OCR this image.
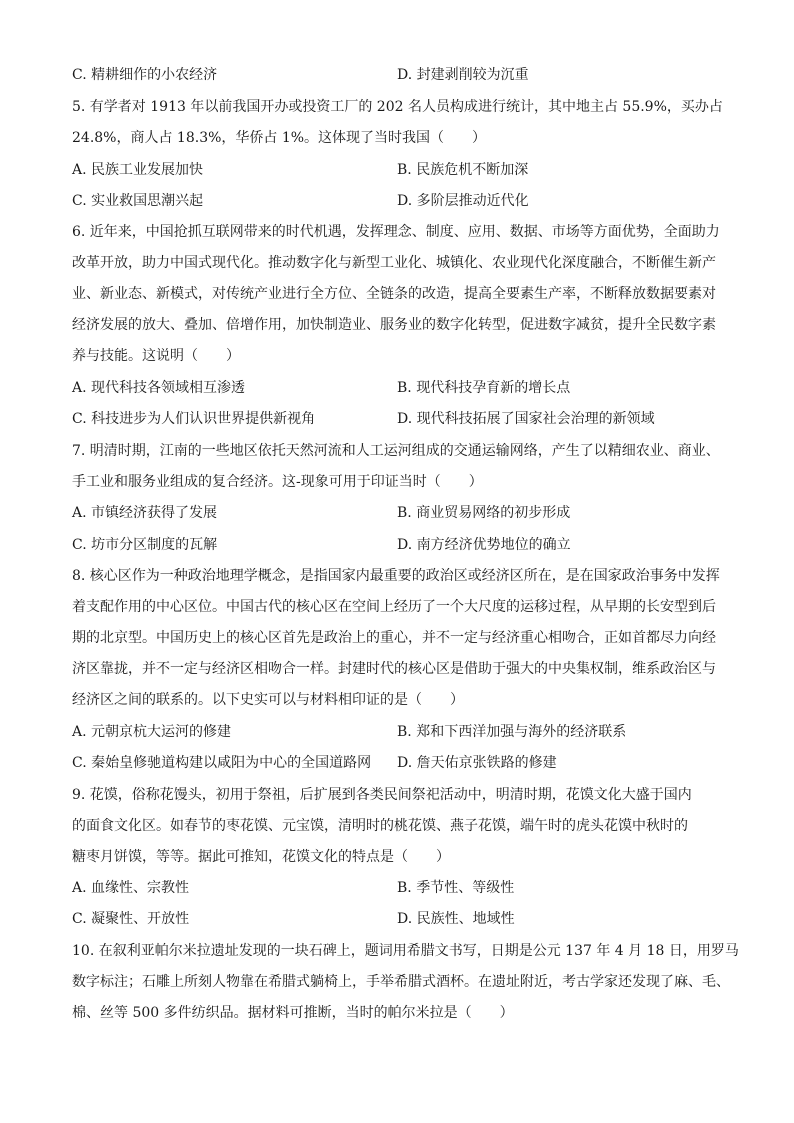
C. 精耕细作的小农经济	D. 封建剥削较为沉重
5. 有学者对 1913 年以前我国开办或投资工厂的 202 名人员构成进行统计，其中地主占 55.9%，买办占
24.8%，商人占 18.3%，华侨占 1%。这体现了当时我国（　　）
A. 民族工业发展加快	B. 民族危机不断加深
C. 实业救国思潮兴起	D. 多阶层推动近代化
6. 近年来，中国抢抓互联网带来的时代机遇，发挥理念、制度、应用、数据、市场等方面优势，全面助力
改革开放，助力中国式现代化。推动数字化与新型工业化、城镇化、农业现代化深度融合，不断催生新产
业、新业态、新模式，对传统产业进行全方位、全链条的改造，提高全要素生产率，不断释放数据要素对
经济发展的放大、叠加、倍增作用，加快制造业、服务业的数字化转型，促进数字减贫，提升全民数字素
养与技能。这说明（　　）
A. 现代科技各领域相互渗透	B. 现代科技孕育新的增长点
C. 科技进步为人们认识世界提供新视角	D. 现代科技拓展了国家社会治理的新领域
7. 明清时期，江南的一些地区依托天然河流和人工运河组成的交通运输网络，产生了以精细农业、商业、
手工业和服务业组成的复合经济。这-现象可用于印证当时（　　）
A. 市镇经济获得了发展	B. 商业贸易网络的初步形成
C. 坊市分区制度的瓦解	D. 南方经济优势地位的确立
8. 核心区作为一种政治地理学概念，是指国家内最重要的政治区或经济区所在，是在国家政治事务中发挥
着支配作用的中心区位。中国古代的核心区在空间上经历了一个大尺度的运移过程，从早期的长安型到后
期的北京型。中国历史上的核心区首先是政治上的重心，并不一定与经济重心相吻合，正如首都尽力向经
济区靠拢，并不一定与经济区相吻合一样。封建时代的核心区是借助于强大的中央集权制，维系政治区与
经济区之间的联系的。以下史实可以与材料相印证的是（　　）
A. 元朝京杭大运河的修建	B. 郑和下西洋加强与海外的经济联系
C. 秦始皇修驰道构建以咸阳为中心的全国道路网 D. 詹天佑京张铁路的修建
9. 花馍，俗称花馒头，初用于祭祖，后扩展到各类民间祭祀活动中，明清时期，花馍文化大盛于国内
的面食文化区。如春节的枣花馍、元宝馍，清明时的桃花馍、燕子花馍，端午时的虎头花馍中秋时的
糖枣月饼馍，等等。据此可推知，花馍文化的特点是（　　）
A. 血缘性、宗教性	B. 季节性、等级性
C. 凝聚性、开放性	D. 民族性、地域性
10. 在叙利亚帕尔米拉遗址发现的一块石碑上，题词用希腊文书写，日期是公元 137 年 4 月 18 日，用罗马
数字标注；石雕上所刻人物靠在希腊式躺椅上，手举希腊式酒杯。在遗址附近，考古学家还发现了麻、毛、
棉、丝等 500 多件纺织品。据材料可推断，当时的帕尔米拉是（　　）
